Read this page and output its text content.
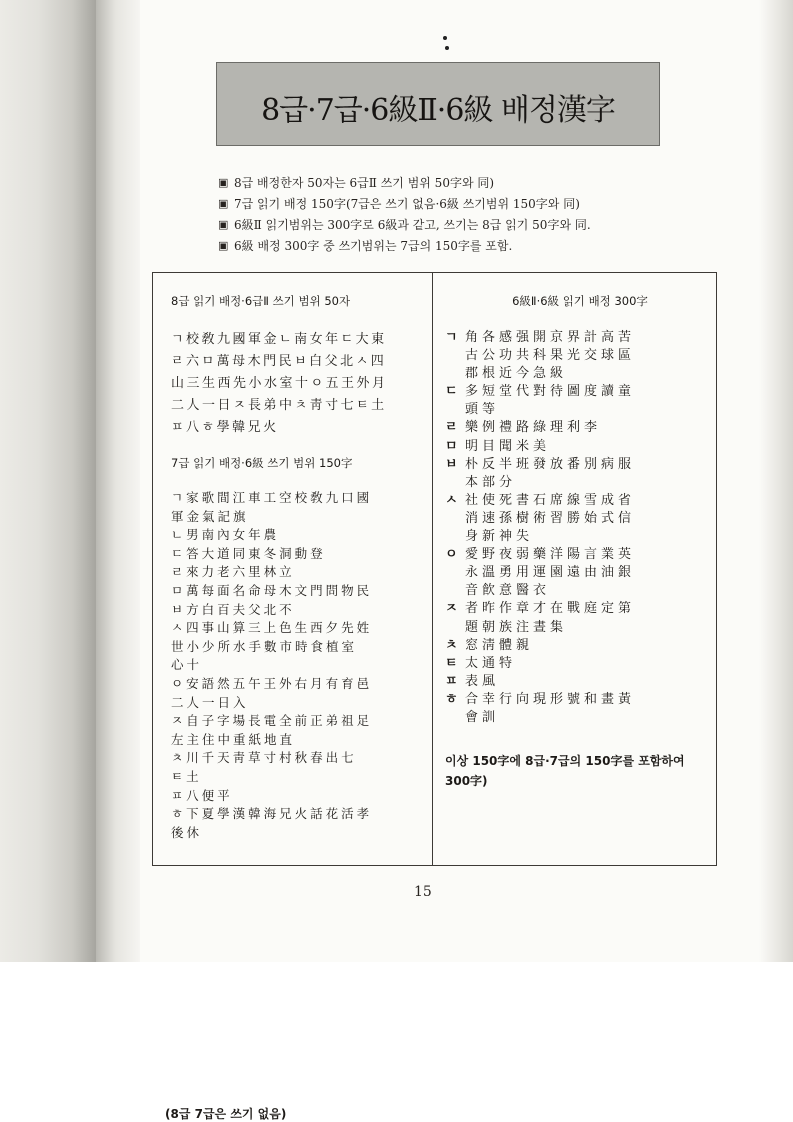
8급·7급·6級Ⅱ·6級 배정漢字
▣ 8급 배정한자 50자는 6급Ⅱ 쓰기 범위 50字와 同)
▣ 7급 읽기 배정 150字(7급은 쓰기 없음·6級 쓰기범위 150字와 同)
▣ 6級Ⅱ 읽기범위는 300字로 6級과 같고, 쓰기는 8급 읽기 50字와 同.
▣ 6級 배정 300字 중 쓰기범위는 7급의 150字를 포함.
8급 읽기 배정·6급Ⅱ 쓰기 범위 50자
ㄱ校敎九國軍金ㄴ南女年ㄷ大東
ㄹ六ㅁ萬母木門民ㅂ白父北ㅅ四
山三生西先小水室十ㅇ五王外月
二人一日ㅈ長弟中ㅊ靑寸七ㅌ土
ㅍ八ㅎ學韓兄火
7급 읽기 배정·6級 쓰기 범위 150字
ㄱ家歌間江車工空校敎九口國
軍金氣記旗
ㄴ男南內女年農
ㄷ答大道同東冬洞動登
ㄹ來力老六里林立
ㅁ萬每面名命母木文門問物民
ㅂ方白百夫父北不
ㅅ四事山算三上色生西夕先姓
世小少所水手數市時食植室
心十
ㅇ安語然五午王外右月有育邑
二人一日入
ㅈ自子字場長電全前正弟祖足
左主住中重紙地直
ㅊ川千天靑草寸村秋春出七
ㅌ土
ㅍ八便平
ㅎ下夏學漢韓海兄火話花活孝
後休
(8급 7급은 쓰기 없음)
6級Ⅱ·6級 읽기 배정 300字
ㄱ 角各感强開京界計高苦
古公功共科果光交球區
郡根近今急級
ㄷ 多短堂代對待圖度讀童
頭等
ㄹ 樂例禮路綠理利李
ㅁ 明目聞米美
ㅂ 朴反半班發放番別病服
本部分
ㅅ 社使死書石席線雪成省
消速孫樹術習勝始式信
身新神失
ㅇ 愛野夜弱藥洋陽言業英
永溫勇用運園遠由油銀
音飮意醫衣
ㅈ 者昨作章才在戰庭定第
題朝族注晝集
ㅊ 窓淸體親
ㅌ 太通特
ㅍ 表風
ㅎ 合幸行向現形號和畫黃
會訓
이상 150字에 8급·7급의 150字를 포함하여 300字)
15
